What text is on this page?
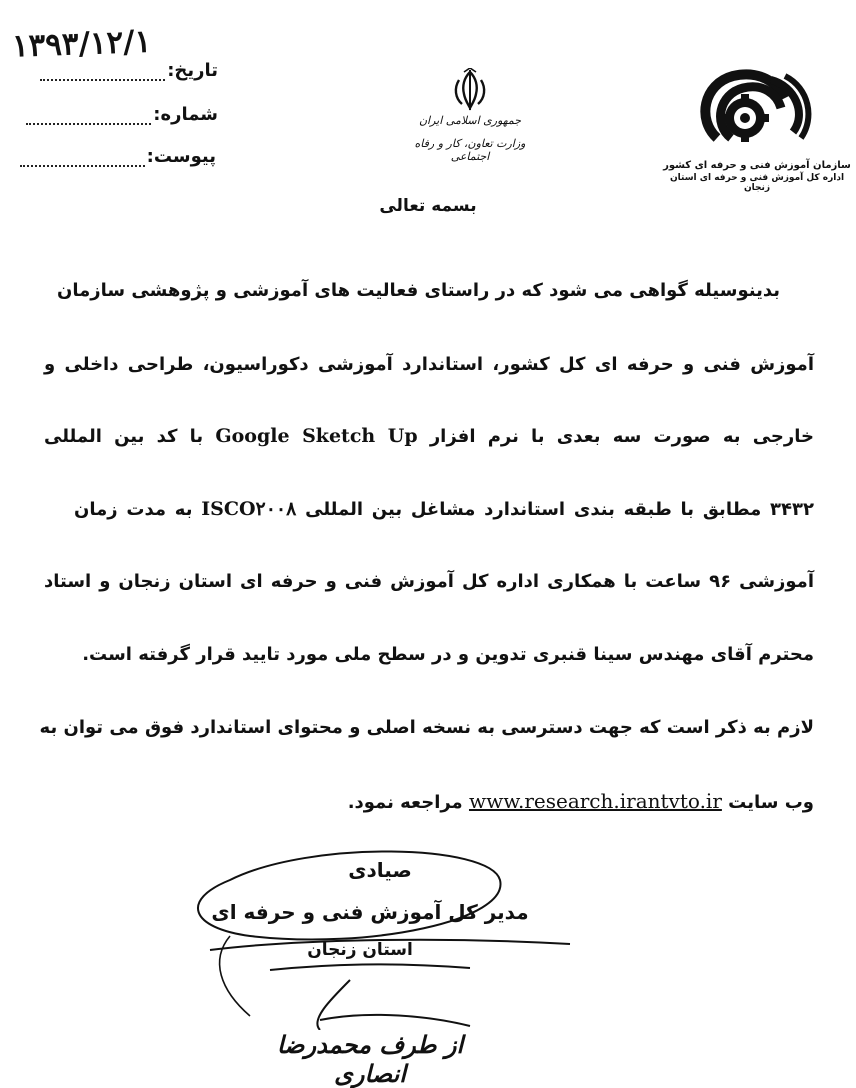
۱۳۹۳/۱۲/۱
تاریخ:
شماره:
پیوست:
جمهوری اسلامی ایران
وزارت تعاون، کار و رفاه اجتماعی
سازمان آموزش فنی و حرفه ای کشور
اداره کل آموزش فنی و حرفه ای استان زنجان
بسمه تعالی
بدینوسیله گواهی می شود که در راستای فعالیت های آموزشی و پژوهشی سازمان
آموزش فنی و حرفه ای کل کشور، استاندارد آموزشی دکوراسیون، طراحی داخلی و
خارجی به صورت سه بعدی با نرم افزار Google Sketch Up با کد بین المللی
۳۴۳۲ مطابق با طبقه بندی استاندارد مشاغل بین المللی ISCO۲۰۰۸ به مدت زمان
آموزشی ۹۶ ساعت با همکاری اداره کل آموزش فنی و حرفه ای استان زنجان و استاد
محترم آقای مهندس سینا قنبری تدوین و در سطح ملی مورد تایید قرار گرفته است.
لازم به ذکر است که جهت دسترسی به نسخه اصلی و محتوای استاندارد فوق می توان به
وب سایت www.research.irantvto.ir مراجعه نمود.
صیادی
مدیر کل آموزش فنی و حرفه ای
استان زنجان
از طرف محمدرضا انصاری
